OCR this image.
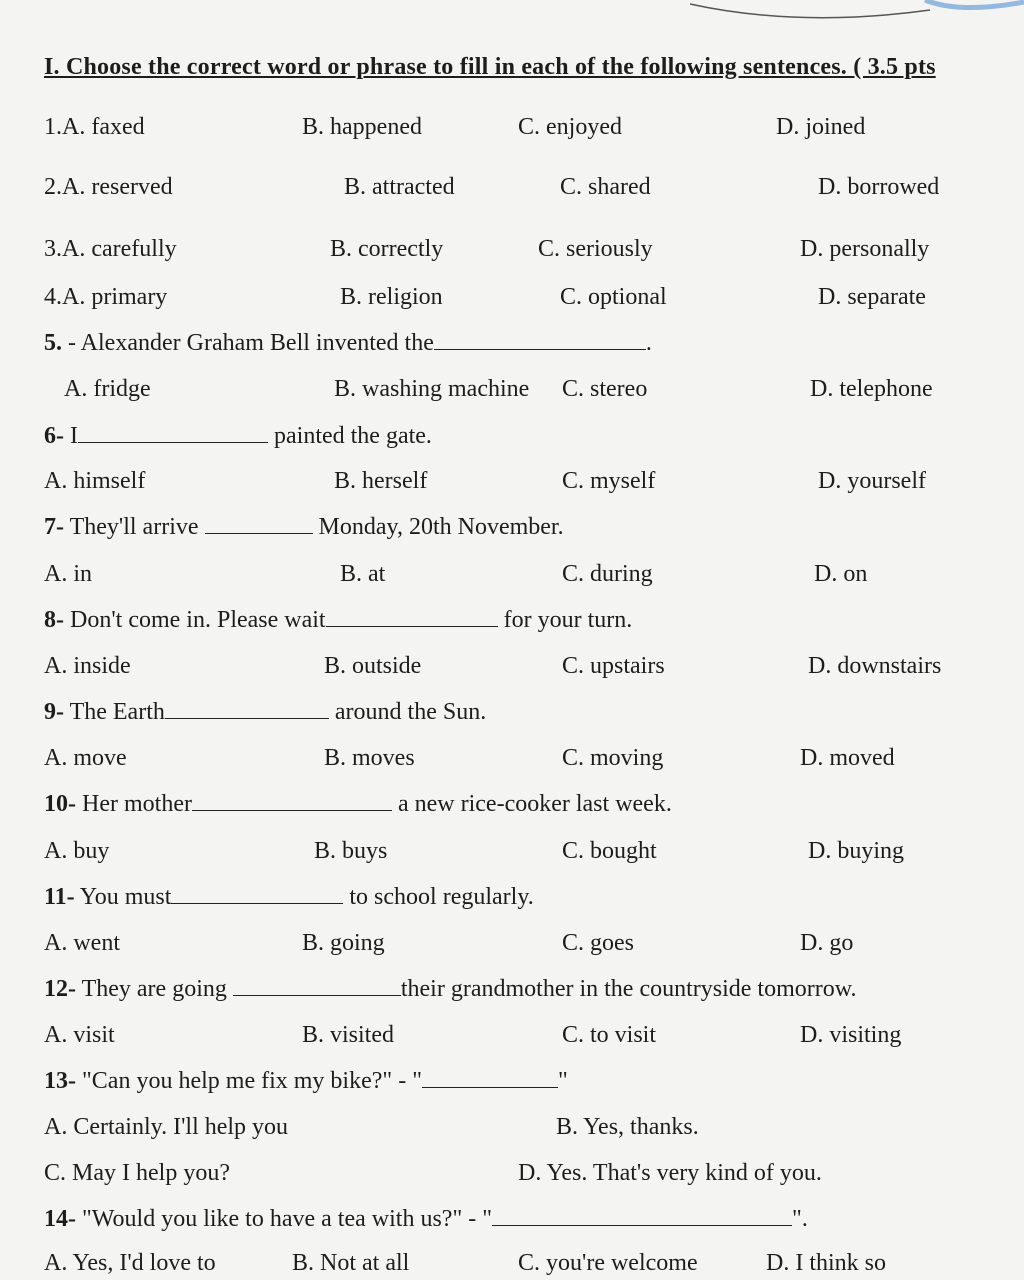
I. Choose the correct word or phrase to fill in each of the following sentences. ( 3.5 pts
1.A. faxed	B. happened	C. enjoyed	D. joined
2.A. reserved	B. attracted	C. shared	D. borrowed
3.A. carefully	B. correctly	C. seriously	D. personally
4.A. primary	B. religion	C. optional	D. separate
5. - Alexander Graham Bell invented the	.
A. fridge	B. washing machine C. stereo	D. telephone
6- I	painted the gate.
A. himself	B. herself	C. myself	D. yourself
7- They'll arrive	Monday, 20th November.
A. in	B. at	C. during	D. on
8- Don't come in. Please wait	for your turn.
A. inside	B. outside	C. upstairs	D. downstairs
9- The Earth	around the Sun.
A. move	B. moves	C. moving	D. moved
10- Her mother	a new rice-cooker last week.
A. buy	B. buys	C. bought	D. buying
11- You must	to school regularly.
A. went	B. going	C. goes	D. go
12- They are going	their grandmother in the countryside tomorrow.
A. visit	B. visited	C. to visit	D. visiting
13- "Can you help me fix my bike?" - "	"
A. Certainly. I'll help you	B. Yes, thanks.
C. May I help you?	D. Yes. That's very kind of you.
14- "Would you like to have a tea with us?" - "	".
A. Yes, I'd love to	B. Not at all	C. you're welcome	D. I think so
